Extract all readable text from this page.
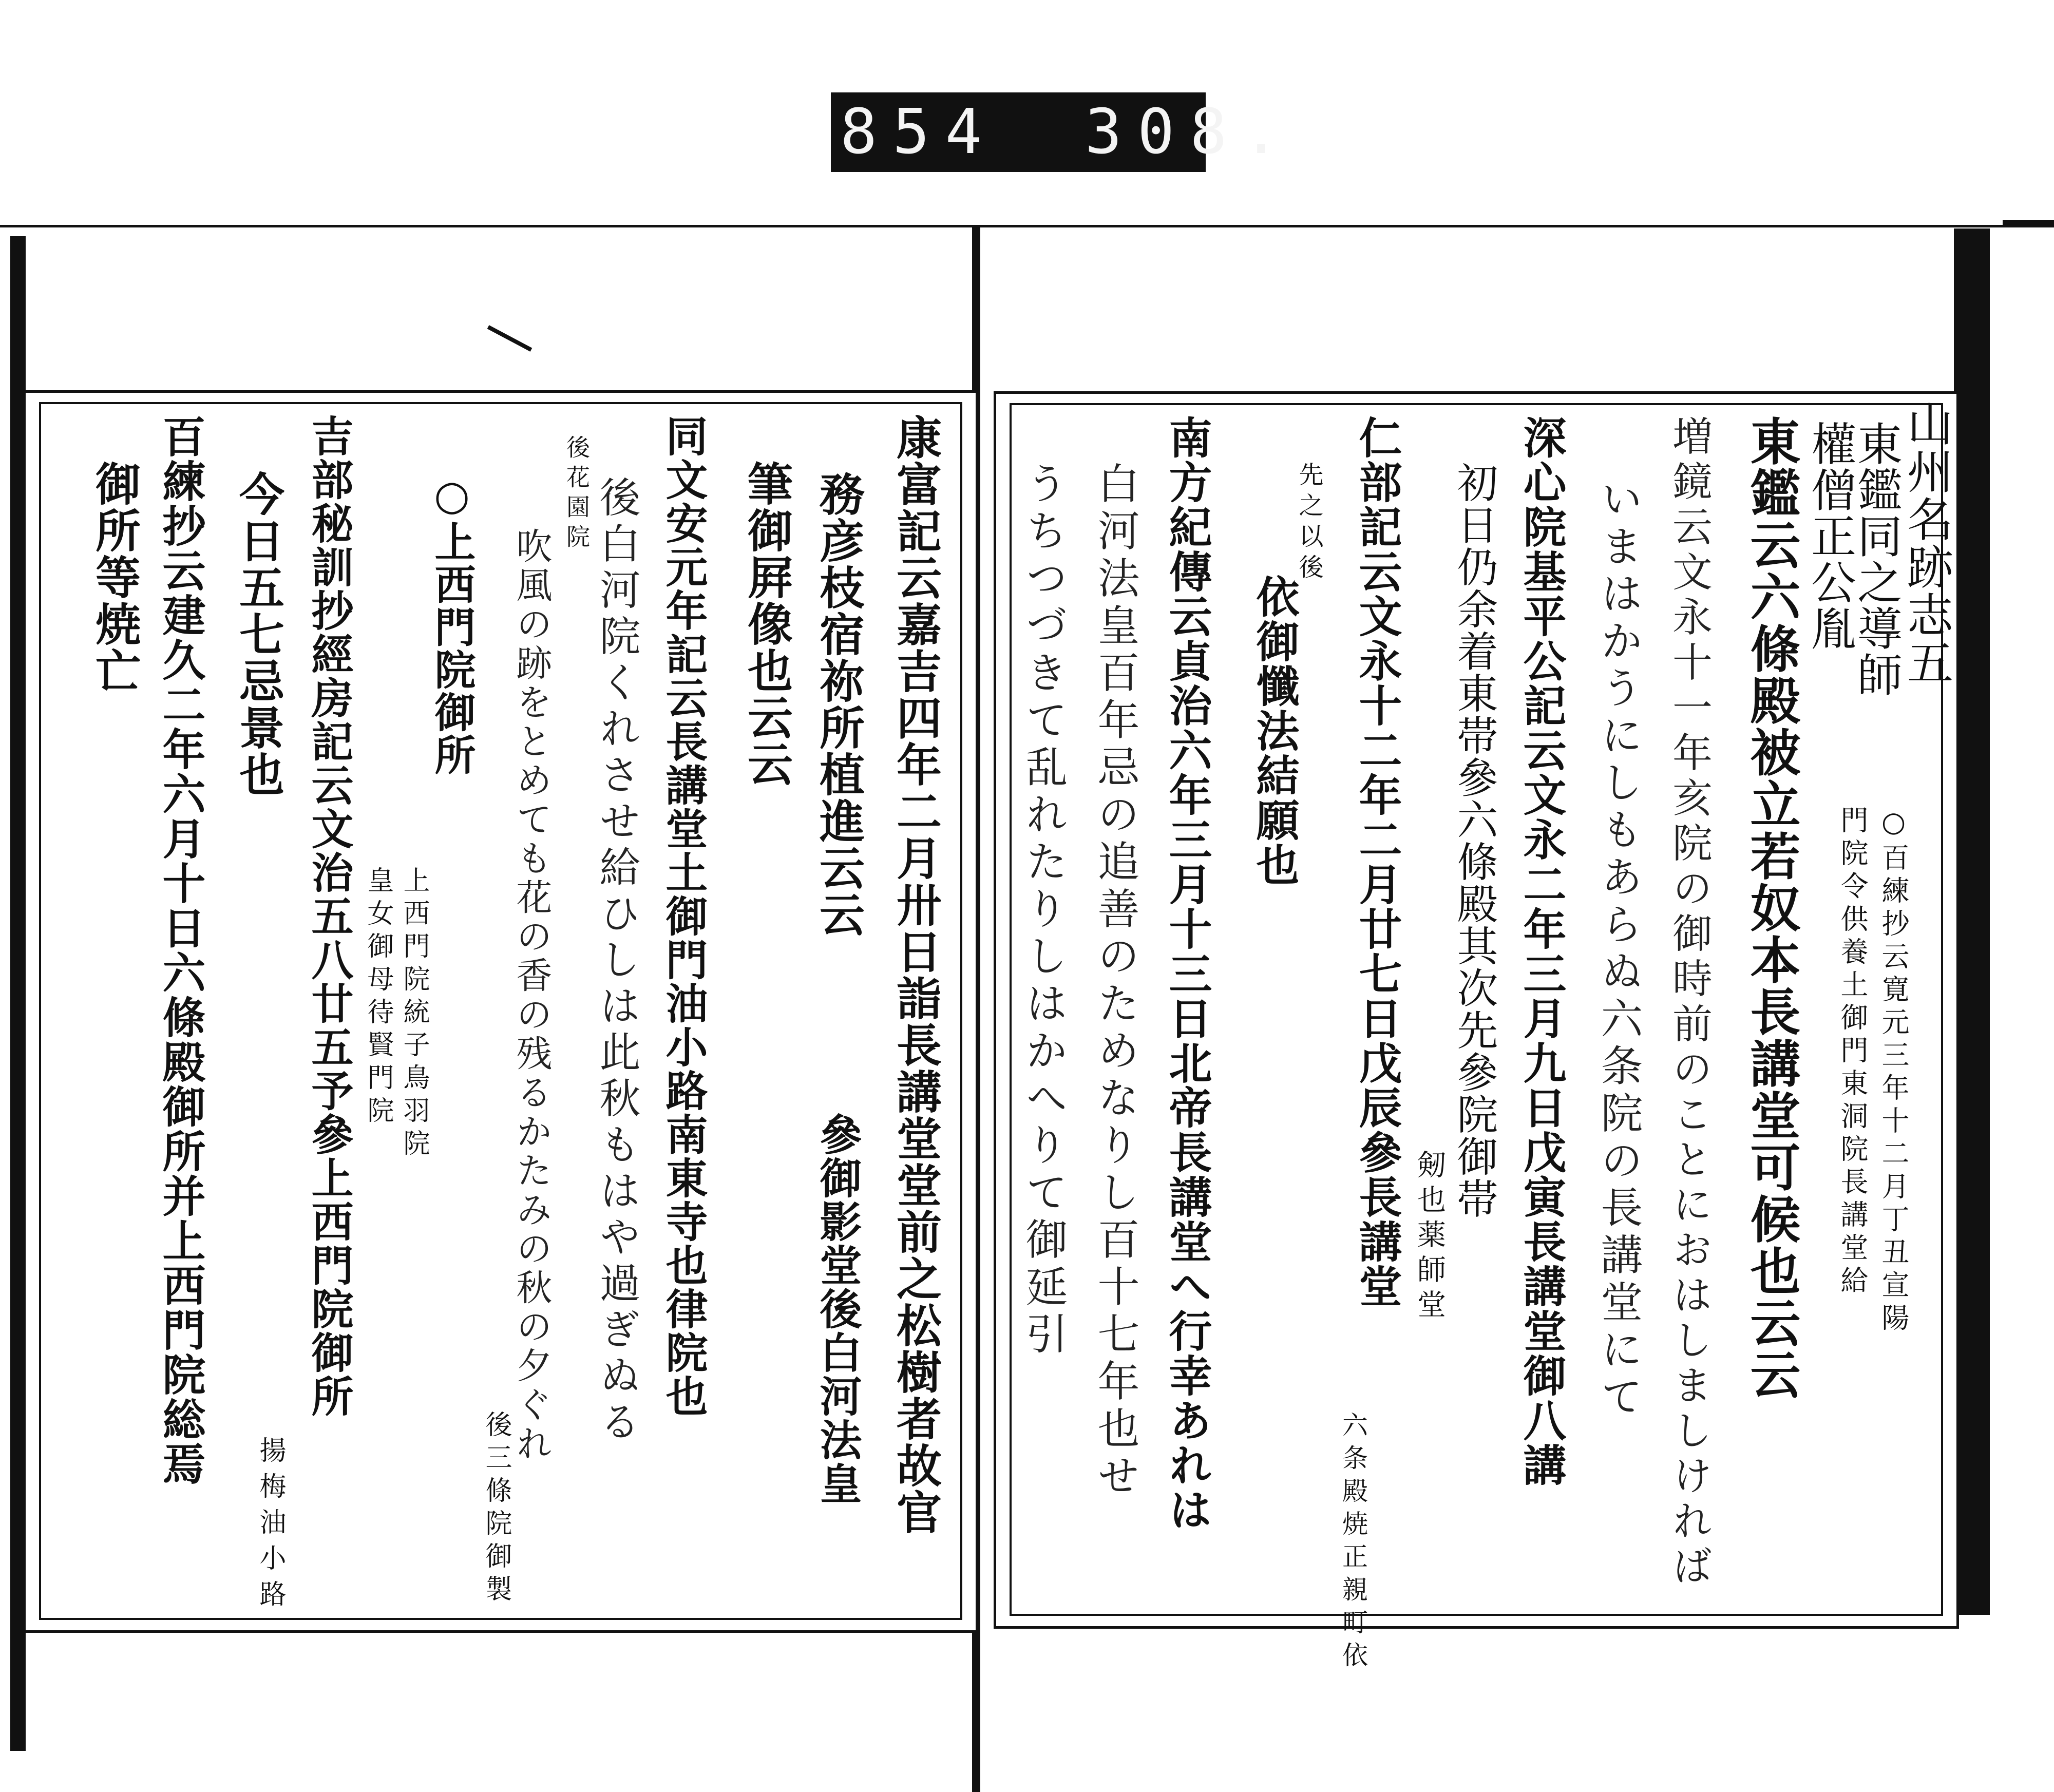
854 308.
山州名跡志五
東鑑同之導師
權僧正公胤
○百練抄云寛元三年十二月丁丑宣陽
門院令供養土御門東洞院長講堂給
東鑑云六條殿被立若奴本長講堂可候也云云
増鏡云文永十一年亥院の御時前のことにおはしましければ
いまはかうにしもあらぬ六条院の長講堂にて
深心院基平公記云文永二年三月九日戊寅長講堂御八講
初日仍余着東帯參六條殿其次先參院御帯
剱也薬師堂
仁部記云文永十二年二月廿七日戊辰參長講堂
六条殿焼正親町依
先之以後
依御懺法結願也
南方紀傳云貞治六年三月十三日北帝長講堂へ行幸あれは
白河法皇百年忌の追善のためなりし百十七年也せ
うちつづきて乱れたりしはかへりて御延引
康富記云嘉吉四年二月卅日詣長講堂堂前之松樹者故官
務彦枝宿祢所植進云云
參御影堂後白河法皇
筆御屛像也云云
同文安元年記云長講堂土御門油小路南東寺也律院也
後白河院くれさせ給ひしは此秋もはや過ぎぬる
後花園院
吹風の跡をとめても花の香の残るかたみの秋の夕ぐれ
後三條院御製
○上西門院御所
上西門院統子鳥羽院
皇女御母待賢門院
吉部秘訓抄經房記云文治五八廿五予參上西門院御所
揚梅油小路
今日五七忌景也
百練抄云建久二年六月十日六條殿御所并上西門院総焉
御所等焼亡
